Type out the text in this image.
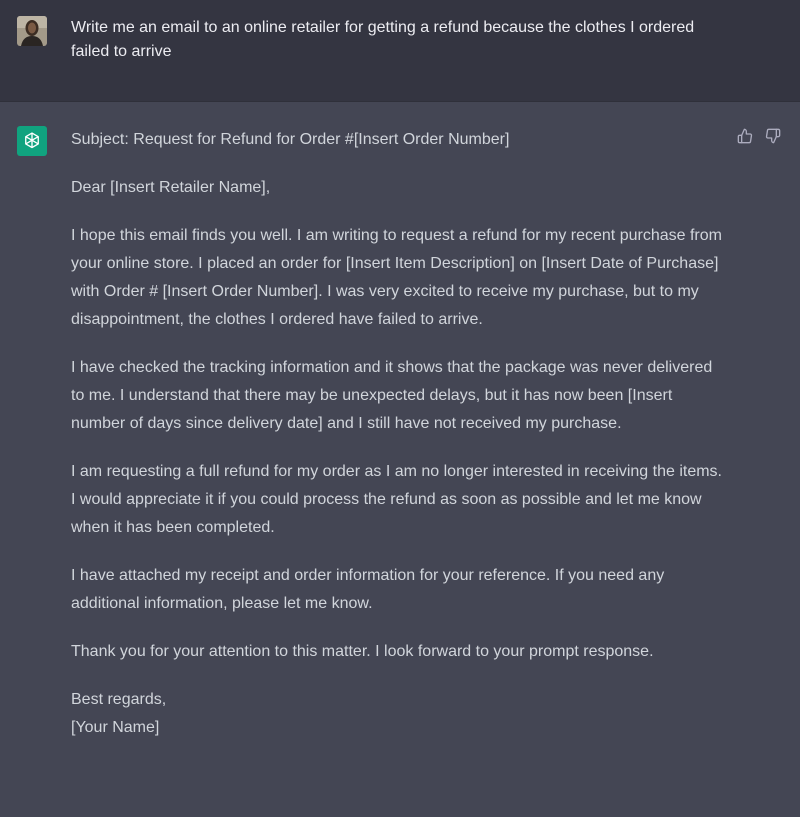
Write me an email to an online retailer for getting a refund because the clothes I ordered failed to arrive

Subject: Request for Refund for Order #[Insert Order Number]

Dear [Insert Retailer Name],

I hope this email finds you well. I am writing to request a refund for my recent purchase from your online store. I placed an order for [Insert Item Description] on [Insert Date of Purchase] with Order # [Insert Order Number]. I was very excited to receive my purchase, but to my disappointment, the clothes I ordered have failed to arrive.

I have checked the tracking information and it shows that the package was never delivered to me. I understand that there may be unexpected delays, but it has now been [Insert number of days since delivery date] and I still have not received my purchase.

I am requesting a full refund for my order as I am no longer interested in receiving the items. I would appreciate it if you could process the refund as soon as possible and let me know when it has been completed.

I have attached my receipt and order information for your reference. If you need any additional information, please let me know.

Thank you for your attention to this matter. I look forward to your prompt response.

Best regards,

[Your Name]
